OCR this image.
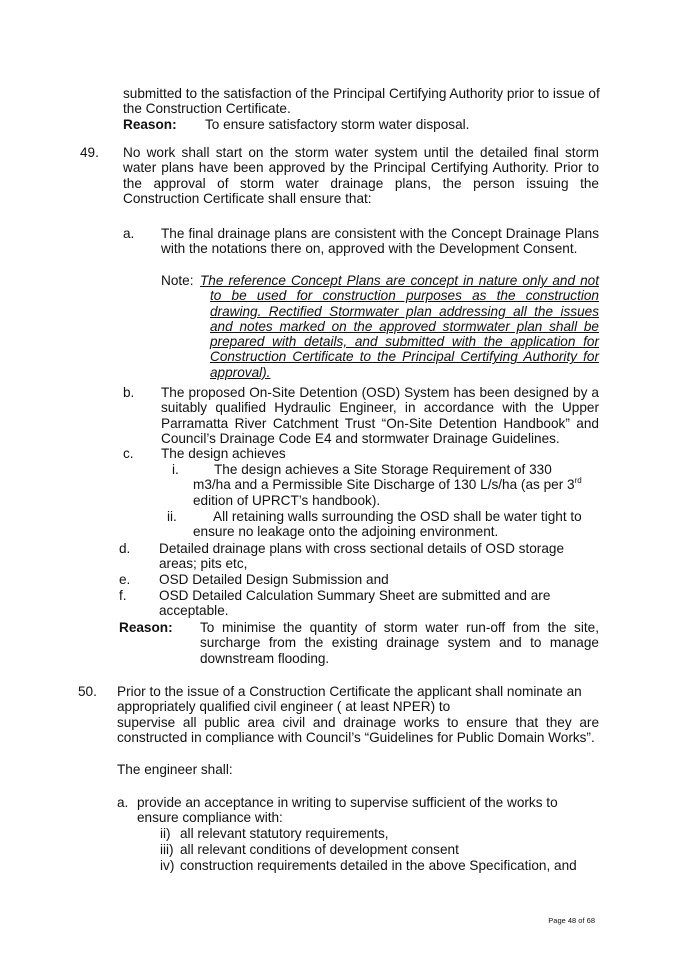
submitted to the satisfaction of the Principal Certifying Authority prior to issue of the Construction Certificate.
Reason: To ensure satisfactory storm water disposal.
49. No work shall start on the storm water system until the detailed final storm water plans have been approved by the Principal Certifying Authority. Prior to the approval of storm water drainage plans, the person issuing the Construction Certificate shall ensure that:
a. The final drainage plans are consistent with the Concept Drainage Plans with the notations there on, approved with the Development Consent.
Note: The reference Concept Plans are concept in nature only and not to be used for construction purposes as the construction drawing. Rectified Stormwater plan addressing all the issues and notes marked on the approved stormwater plan shall be prepared with details, and submitted with the application for Construction Certificate to the Principal Certifying Authority for approval).
b. The proposed On-Site Detention (OSD) System has been designed by a suitably qualified Hydraulic Engineer, in accordance with the Upper Parramatta River Catchment Trust “On-Site Detention Handbook” and Council’s Drainage Code E4 and stormwater Drainage Guidelines.
c. The design achieves
i.	The design achieves a Site Storage Requirement of 330 m3/ha and a Permissible Site Discharge of 130 L/s/ha (as per 3rd edition of UPRCT’s handbook).
ii.	All retaining walls surrounding the OSD shall be water tight to ensure no leakage onto the adjoining environment.
d. Detailed drainage plans with cross sectional details of OSD storage areas; pits etc,
e. OSD Detailed Design Submission and
f. OSD Detailed Calculation Summary Sheet are submitted and are acceptable.
Reason: To minimise the quantity of storm water run-off from the site, surcharge from the existing drainage system and to manage downstream flooding.
50. Prior to the issue of a Construction Certificate the applicant shall nominate an appropriately qualified civil engineer ( at least NPER) to
supervise all public area civil and drainage works to ensure that they are constructed in compliance with Council’s “Guidelines for Public Domain Works”.
The engineer shall:
a. provide an acceptance in writing to supervise sufficient of the works to ensure compliance with:
ii) all relevant statutory requirements,
iii) all relevant conditions of development consent
iv) construction requirements detailed in the above Specification, and
Page 48 of 68
